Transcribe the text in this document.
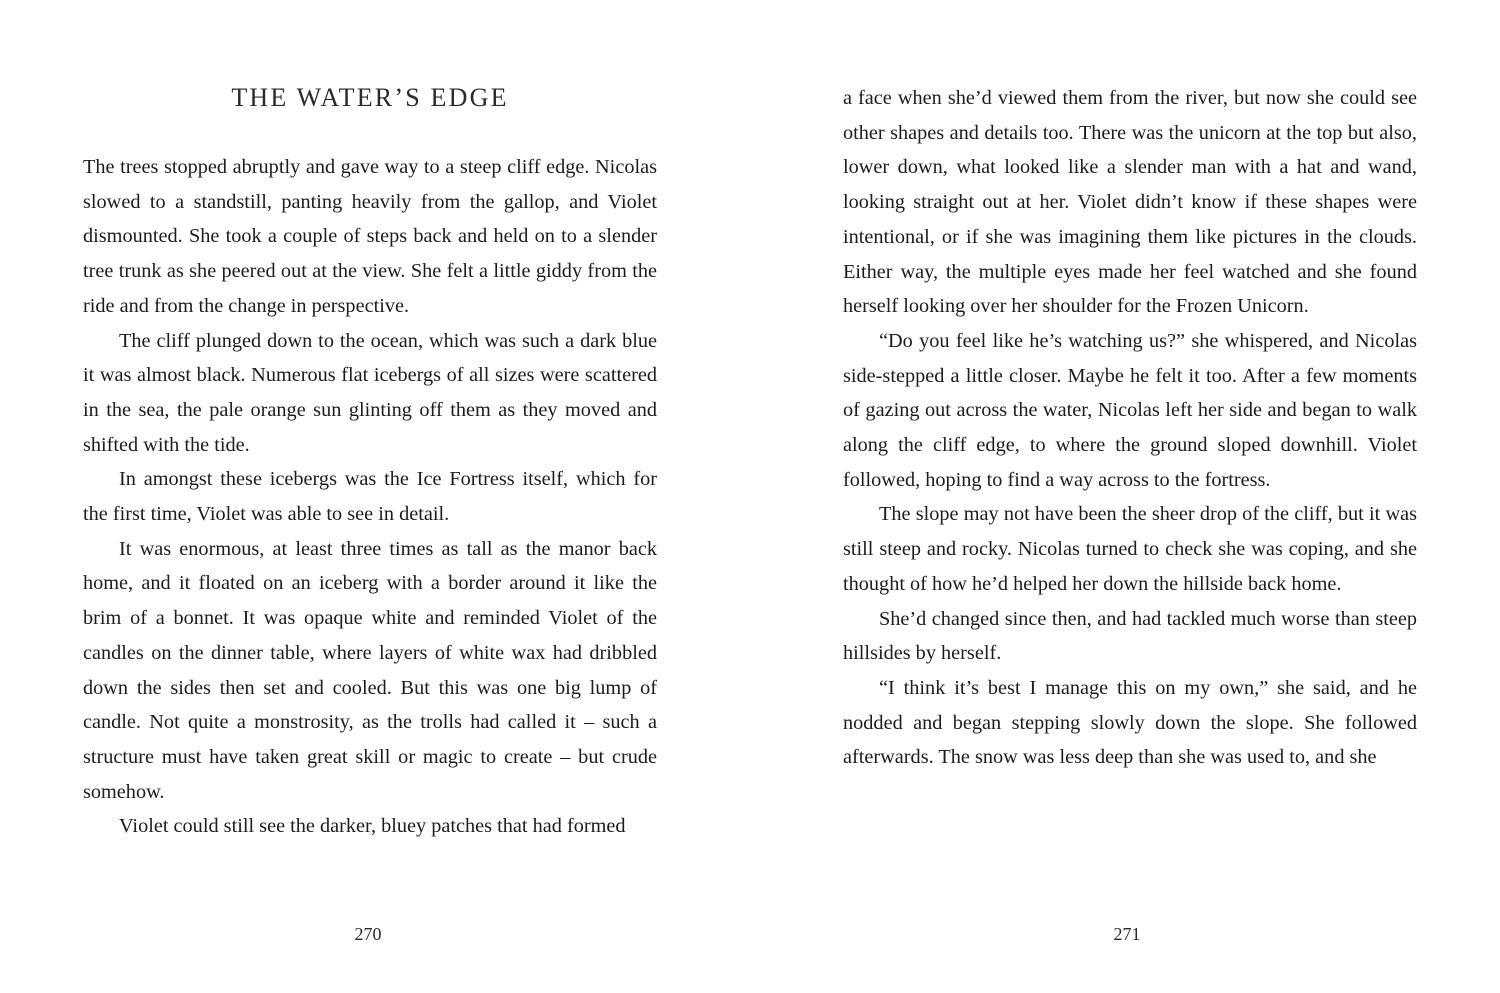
THE WATER’S EDGE

The trees stopped abruptly and gave way to a steep cliff edge. Nicolas slowed to a standstill, panting heavily from the gallop, and Violet dismounted. She took a couple of steps back and held on to a slender tree trunk as she peered out at the view. She felt a little giddy from the ride and from the change in perspective.

The cliff plunged down to the ocean, which was such a dark blue it was almost black. Numerous flat icebergs of all sizes were scattered in the sea, the pale orange sun glinting off them as they moved and shifted with the tide.

In amongst these icebergs was the Ice Fortress itself, which for the first time, Violet was able to see in detail.

It was enormous, at least three times as tall as the manor back home, and it floated on an iceberg with a border around it like the brim of a bonnet. It was opaque white and reminded Violet of the candles on the dinner table, where layers of white wax had dribbled down the sides then set and cooled. But this was one big lump of candle. Not quite a monstrosity, as the trolls had called it – such a structure must have taken great skill or magic to create – but crude somehow.

Violet could still see the darker, bluey patches that had formed

270

a face when she’d viewed them from the river, but now she could see other shapes and details too. There was the unicorn at the top but also, lower down, what looked like a slender man with a hat and wand, looking straight out at her. Violet didn’t know if these shapes were intentional, or if she was imagining them like pictures in the clouds. Either way, the multiple eyes made her feel watched and she found herself looking over her shoulder for the Frozen Unicorn.

“Do you feel like he’s watching us?” she whispered, and Nicolas side-stepped a little closer. Maybe he felt it too. After a few moments of gazing out across the water, Nicolas left her side and began to walk along the cliff edge, to where the ground sloped downhill. Violet followed, hoping to find a way across to the fortress.

The slope may not have been the sheer drop of the cliff, but it was still steep and rocky. Nicolas turned to check she was coping, and she thought of how he’d helped her down the hillside back home.

She’d changed since then, and had tackled much worse than steep hillsides by herself.

“I think it’s best I manage this on my own,” she said, and he nodded and began stepping slowly down the slope. She followed afterwards. The snow was less deep than she was used to, and she

271
